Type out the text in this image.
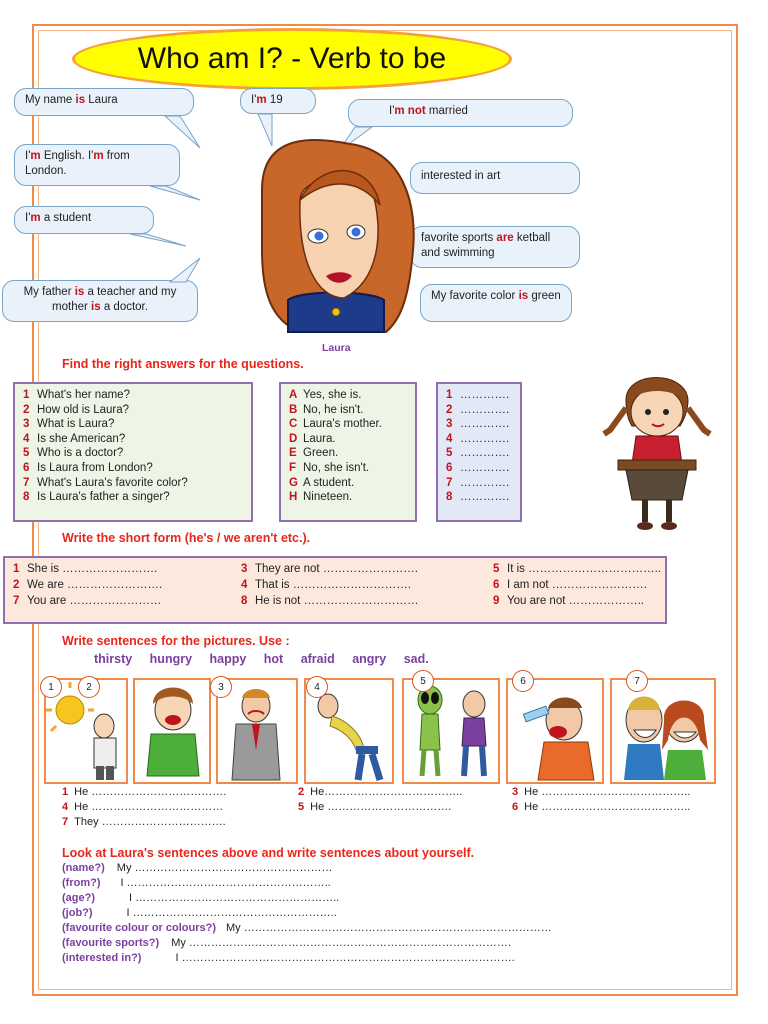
Who am I? - Verb to be
My name is Laura	I'm 19
I'm not married
I'm English. I'm from London.
I'm a student
My father is a teacher and my mother is a doctor.
interested in art
favorite sports are ketball and swimming
My favorite color is green
Laura
Find the right answers for the questions.
1 What's her name?
2 How old is Laura?
3 What is Laura?
4 Is she American?
5 Who is a doctor?
6 Is Laura from London?
7 What's Laura's favorite color?
8 Is Laura's father a singer?
A Yes, she is.
B No, he isn't.
C Laura's mother.
D Laura.
E Green.
F No, she isn't.
G A student.
H Nineteen.
1 ………….
2 ………….
3 ………….
4 ………….
5 ………….
6 ………….
7 ………….
8 ………….
Write the short form (he's / we aren't etc.).
1 She is …………………….	3 They are not …………………….	5 It is ……………………………..
2 We are …………………….	4 That is ………………………….	6 I am not …………………….
7 You are ……………………	8 He is not …………………………	9 You are not ………………..
Write sentences for the pictures. Use :
thirsty hungry happy hot afraid angry sad.
1	2	3	4
5	6	7
1 He ……………………………….	2 He………………………………..	3 He …………………………………..
4 He ………………………………	5 He …………………………….	6 He …………………………………..
7 They …………………………….
Look at Laura's sentences above and write sentences about yourself.
(name?) My ………………………………………………
(from?) I ………………………………………………..
(age?)	I ………………………………………………..
(job?)	I ………………………………………………..
(favourite colour or colours?) My …………………………………………………………………………
(favourite sports?) My …………………………………………………………………………….
(interested in?)	I ……………………………………………………………………………….
